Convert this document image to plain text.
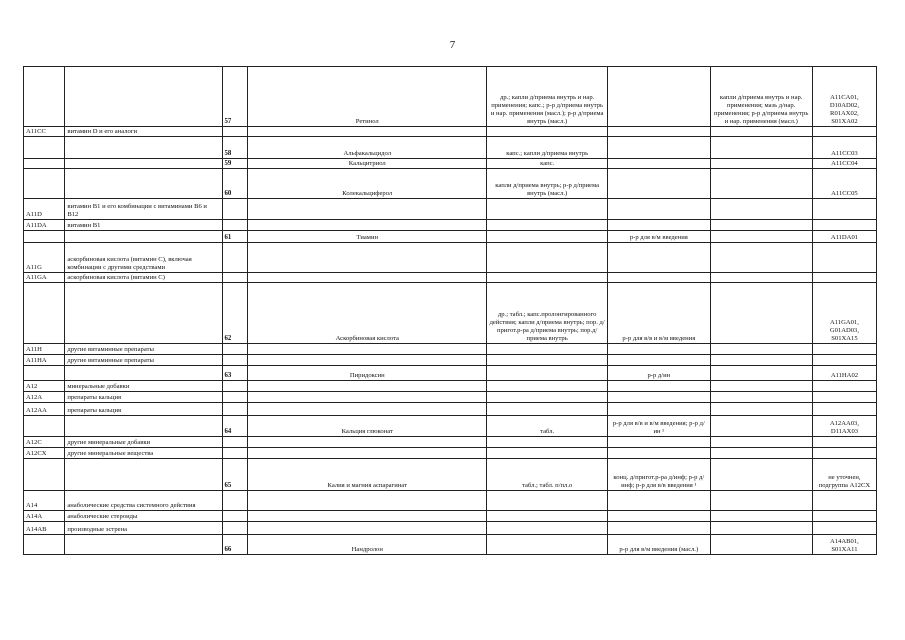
7
		57	Ретинол	др.; капли д/приема внутрь и нар. применения; капс.; р-р д/приема внутрь и нар. применения (масл.); р-р д/приема внутрь (масл.)		капли д/приема внутрь и нар. применения; мазь д/нар. применения; р-р д/приема внутрь и нар. применения (масл.)	A11CA01,
D10AD02,
R01AX02,
S01XA02
A11CC	витамин D и его аналоги						
		58	Альфакальцидол	капс.; капли д/приема внутрь			A11CC03
		59	Кальцитриол	капс.			A11CC04
		60	Колекальциферол	капли д/приема внутрь; р-р д/приема внутрь (масл.)			A11CC05
A11D	витамин B1 и его комбинации с витаминами B6 и B12						
A11DA	витамин B1						
		61	Тиамин		р-р для в/м введения		A11DA01
A11G	аскорбиновая кислота (витамин C), включая комбинации с другими средствами						
A11GA	аскорбиновая кислота (витамин C)						
		62	Аскорбиновая кислота	др.; табл.; капс.пролонгированного действия; капли д/приема внутрь; пор. д/пригот.р-ра д/приема внутрь; пор.д/приема внутрь	р-р для в/в и в/м введения		A11GA01,
G01AD03,
S01XA15
A11H	другие витаминные препараты						
A11HA	другие витаминные препараты						
		63	Пиридоксин		р-р д/ин		A11HA02
A12	минеральные добавки						
A12A	препараты кальция						
A12AA	препараты кальция						
		64	Кальция глюконат	табл.	р-р для в/в и в/м введения; р-р д/ин ¹		A12AA03,
D11AX03
A12C	другие минеральные добавки						
A12CX	другие минеральные вещества						
		65	Калия и магния аспарагинат	табл.; табл. п/пл.о	конц. д/пригот.р-ра д/инф; р-р д/инф; р-р для в/в введения ¹		не уточнен, подгруппа A12CX
A14	анаболические средства системного действия						
A14A	анаболические стероиды						
A14AB	производные эстрена						
		66	Нандролон		р-р для в/м введения (масл.)		A14AB01,
S01XA11
